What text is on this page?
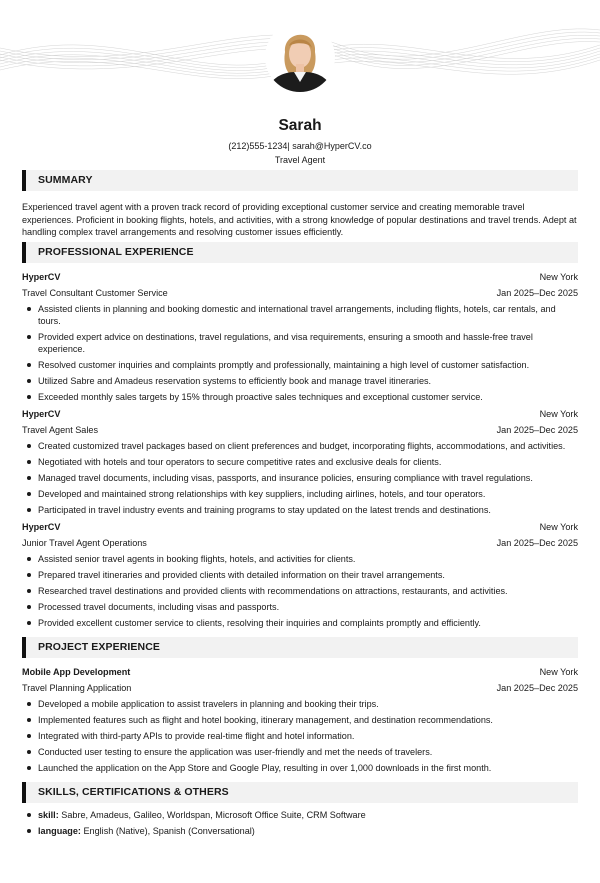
Sarah
(212)555-1234| sarah@HyperCV.co
Travel Agent
SUMMARY
Experienced travel agent with a proven track record of providing exceptional customer service and creating memorable travel experiences. Proficient in booking flights, hotels, and activities, with a strong knowledge of popular destinations and travel trends. Adept at handling complex travel arrangements and resolving customer issues efficiently.
PROFESSIONAL EXPERIENCE
HyperCV	New York
Travel Consultant Customer Service	Jan 2025–Dec 2025
Assisted clients in planning and booking domestic and international travel arrangements, including flights, hotels, car rentals, and tours.
Provided expert advice on destinations, travel regulations, and visa requirements, ensuring a smooth and hassle-free travel experience.
Resolved customer inquiries and complaints promptly and professionally, maintaining a high level of customer satisfaction.
Utilized Sabre and Amadeus reservation systems to efficiently book and manage travel itineraries.
Exceeded monthly sales targets by 15% through proactive sales techniques and exceptional customer service.
HyperCV	New York
Travel Agent Sales	Jan 2025–Dec 2025
Created customized travel packages based on client preferences and budget, incorporating flights, accommodations, and activities.
Negotiated with hotels and tour operators to secure competitive rates and exclusive deals for clients.
Managed travel documents, including visas, passports, and insurance policies, ensuring compliance with travel regulations.
Developed and maintained strong relationships with key suppliers, including airlines, hotels, and tour operators.
Participated in travel industry events and training programs to stay updated on the latest trends and destinations.
HyperCV	New York
Junior Travel Agent Operations	Jan 2025–Dec 2025
Assisted senior travel agents in booking flights, hotels, and activities for clients.
Prepared travel itineraries and provided clients with detailed information on their travel arrangements.
Researched travel destinations and provided clients with recommendations on attractions, restaurants, and activities.
Processed travel documents, including visas and passports.
Provided excellent customer service to clients, resolving their inquiries and complaints promptly and efficiently.
PROJECT EXPERIENCE
Mobile App Development	New York
Travel Planning Application	Jan 2025–Dec 2025
Developed a mobile application to assist travelers in planning and booking their trips.
Implemented features such as flight and hotel booking, itinerary management, and destination recommendations.
Integrated with third-party APIs to provide real-time flight and hotel information.
Conducted user testing to ensure the application was user-friendly and met the needs of travelers.
Launched the application on the App Store and Google Play, resulting in over 1,000 downloads in the first month.
SKILLS, CERTIFICATIONS & OTHERS
skill: Sabre, Amadeus, Galileo, Worldspan, Microsoft Office Suite, CRM Software
language: English (Native), Spanish (Conversational)
